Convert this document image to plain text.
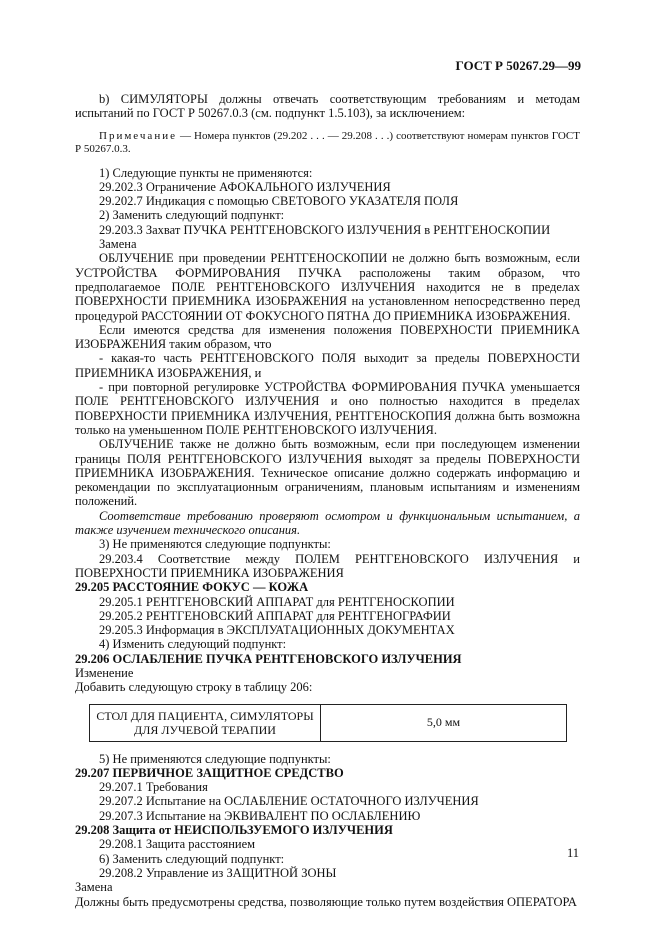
ГОСТ Р 50267.29—99

b) СИМУЛЯТОРЫ должны отвечать соответствующим требованиям и методам испытаний по ГОСТ Р 50267.0.3 (см. подпункт 1.5.103), за исключением:

Примечание — Номера пунктов (29.202 . . . — 29.208 . . .) соответствуют номерам пунктов ГОСТ Р 50267.0.3.

1) Следующие пункты не применяются:

29.202.3 Ограничение АФОКАЛЬНОГО ИЗЛУЧЕНИЯ

29.202.7 Индикация с помощью СВЕТОВОГО УКАЗАТЕЛЯ ПОЛЯ

2) Заменить следующий подпункт:

29.203.3 Захват ПУЧКА РЕНТГЕНОВСКОГО ИЗЛУЧЕНИЯ в РЕНТГЕНОСКОПИИ

Замена

ОБЛУЧЕНИЕ при проведении РЕНТГЕНОСКОПИИ не должно быть возможным, если УСТРОЙСТВА ФОРМИРОВАНИЯ ПУЧКА расположены таким образом, что предполагаемое ПОЛЕ РЕНТГЕНОВСКОГО ИЗЛУЧЕНИЯ находится не в пределах ПОВЕРХНОСТИ ПРИЕМНИКА ИЗОБРАЖЕНИЯ на установленном непосредственно перед процедурой РАССТОЯНИИ ОТ ФОКУСНОГО ПЯТНА ДО ПРИЕМНИКА ИЗОБРАЖЕНИЯ.

Если имеются средства для изменения положения ПОВЕРХНОСТИ ПРИЕМНИКА ИЗОБРАЖЕНИЯ таким образом, что

- какая-то часть РЕНТГЕНОВСКОГО ПОЛЯ выходит за пределы ПОВЕРХНОСТИ ПРИЕМНИКА ИЗОБРАЖЕНИЯ, и

- при повторной регулировке УСТРОЙСТВА ФОРМИРОВАНИЯ ПУЧКА уменьшается ПОЛЕ РЕНТГЕНОВСКОГО ИЗЛУЧЕНИЯ и оно полностью находится в пределах ПОВЕРХНОСТИ ПРИЕМНИКА ИЗЛУЧЕНИЯ, РЕНТГЕНОСКОПИЯ должна быть возможна только на уменьшенном ПОЛЕ РЕНТГЕНОВСКОГО ИЗЛУЧЕНИЯ.

ОБЛУЧЕНИЕ также не должно быть возможным, если при последующем изменении границы ПОЛЯ РЕНТГЕНОВСКОГО ИЗЛУЧЕНИЯ выходят за пределы ПОВЕРХНОСТИ ПРИЕМНИКА ИЗОБРАЖЕНИЯ. Техническое описание должно содержать информацию и рекомендации по эксплуатационным ограничениям, плановым испытаниям и изменениям положений.

Соответствие требованию проверяют осмотром и функциональным испытанием, а также изучением технического описания.

3) Не применяются следующие подпункты:

29.203.4 Соответствие между ПОЛЕМ РЕНТГЕНОВСКОГО ИЗЛУЧЕНИЯ и ПОВЕРХНОСТИ ПРИЕМНИКА ИЗОБРАЖЕНИЯ

29.205 РАССТОЯНИЕ ФОКУС — КОЖА

29.205.1 РЕНТГЕНОВСКИЙ АППАРАТ для РЕНТГЕНОСКОПИИ

29.205.2 РЕНТГЕНОВСКИЙ АППАРАТ для РЕНТГЕНОГРАФИИ

29.205.3 Информация в ЭКСПЛУАТАЦИОННЫХ ДОКУМЕНТАХ

4) Изменить следующий подпункт:

29.206 ОСЛАБЛЕНИЕ ПУЧКА РЕНТГЕНОВСКОГО ИЗЛУЧЕНИЯ

Изменение

Добавить следующую строку в таблицу 206:

СТОЛ ДЛЯ ПАЦИЕНТА, СИМУЛЯТОРЫ ДЛЯ ЛУЧЕВОЙ ТЕРАПИИ	5,0 мм

5) Не применяются следующие подпункты:

29.207 ПЕРВИЧНОЕ ЗАЩИТНОЕ СРЕДСТВО

29.207.1 Требования

29.207.2 Испытание на ОСЛАБЛЕНИЕ ОСТАТОЧНОГО ИЗЛУЧЕНИЯ

29.207.3 Испытание на ЭКВИВАЛЕНТ ПО ОСЛАБЛЕНИЮ

29.208 Защита от НЕИСПОЛЬЗУЕМОГО ИЗЛУЧЕНИЯ

29.208.1 Защита расстоянием

6) Заменить следующий подпункт:

29.208.2 Управление из ЗАЩИТНОЙ ЗОНЫ

Замена

Должны быть предусмотрены средства, позволяющие только путем воздействия ОПЕРАТОРА

11
